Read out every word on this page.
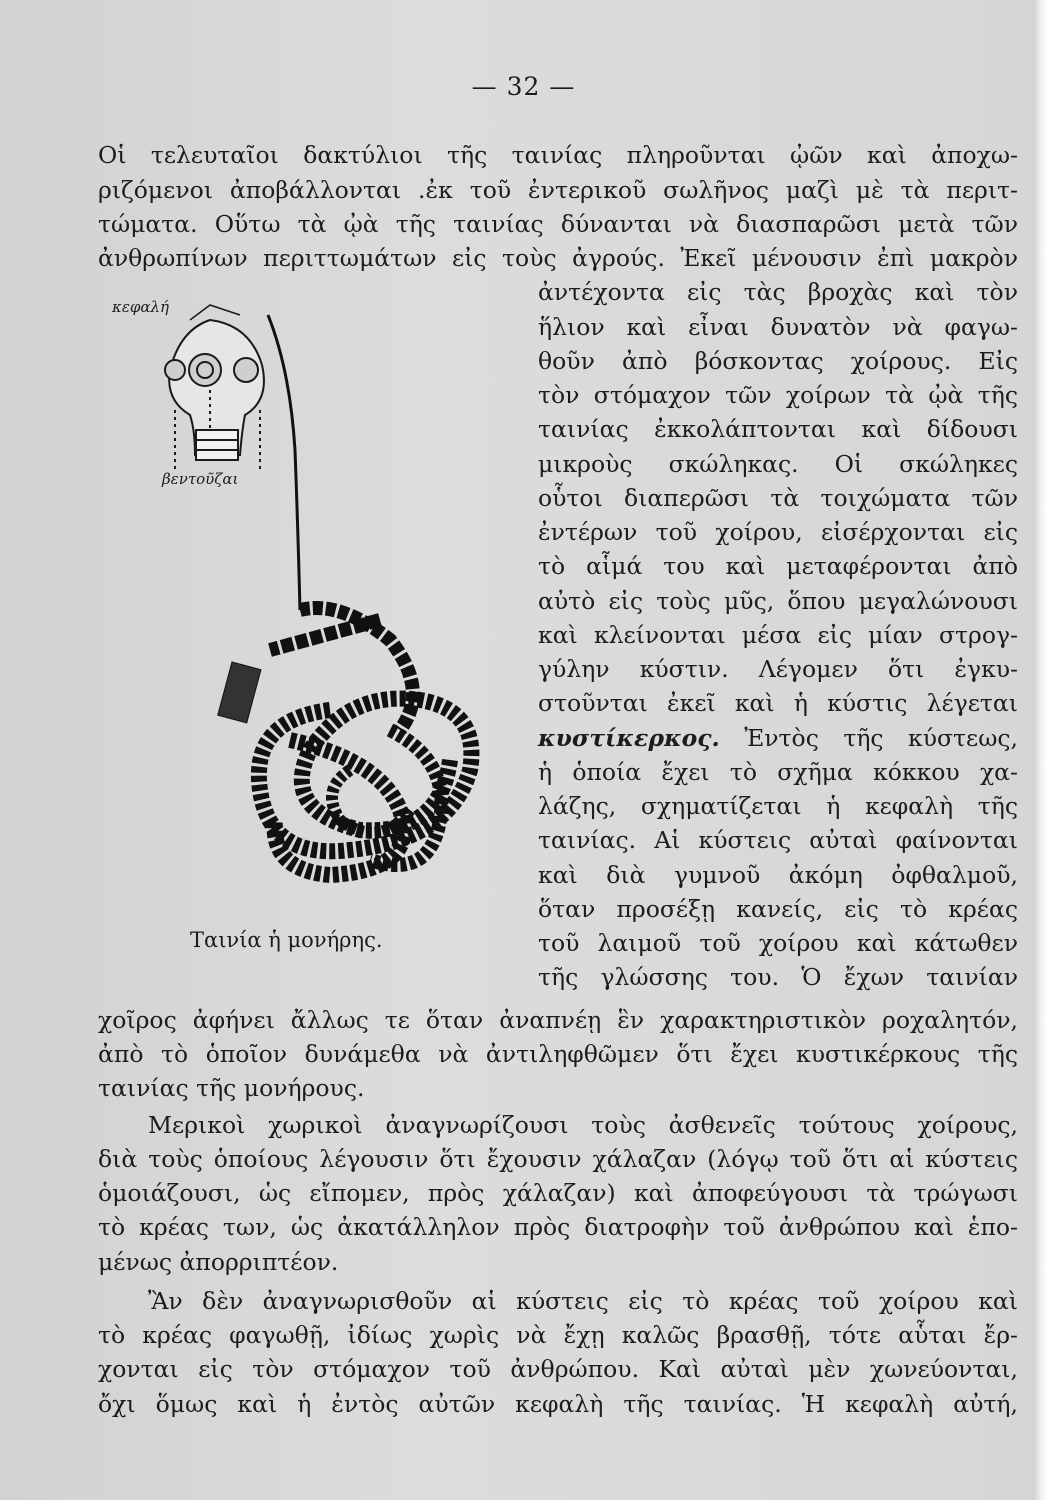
— 32 —
Οἱ τελευταῖοι δακτύλιοι τῆς ταινίας πληροῦνται ᾠῶν καὶ ἀποχω-
ριζόμενοι ἀποβάλλονται .ἐκ τοῦ ἐντερικοῦ σωλῆνος μαζὶ μὲ τὰ περιτ-
τώματα. Οὕτω τὰ ᾠὰ τῆς ταινίας δύνανται νὰ διασπαρῶσι μετὰ τῶν
ἀνθρωπίνων περιττωμάτων εἰς τοὺς ἀγρούς. Ἐκεῖ μένουσιν ἐπὶ μακρὸν
ἀντέχοντα εἰς τὰς βροχὰς καὶ τὸν
ἥλιον καὶ εἶναι δυνατὸν νὰ φαγω-
θοῦν ἀπὸ βόσκοντας χοίρους. Εἰς
τὸν στόμαχον τῶν χοίρων τὰ ᾠὰ τῆς
ταινίας ἐκκολάπτονται καὶ δίδουσι
μικροὺς σκώληκας. Οἱ σκώληκες
οὗτοι διαπερῶσι τὰ τοιχώματα τῶν
ἐντέρων τοῦ χοίρου, εἰσέρχονται εἰς
τὸ αἷμά του καὶ μεταφέρονται ἀπὸ
αὐτὸ εἰς τοὺς μῦς, ὅπου μεγαλώνουσι
καὶ κλείνονται μέσα εἰς μίαν στρογ-
γύλην κύστιν. Λέγομεν ὅτι ἐγκυ-
στοῦνται ἐκεῖ καὶ ἡ κύστις λέγεται
κυστίκερκος. Ἐντὸς τῆς κύστεως,
ἡ ὁποία ἔχει τὸ σχῆμα κόκκου χα-
λάζης, σχηματίζεται ἡ κεφαλὴ τῆς
ταινίας. Αἱ κύστεις αὐταὶ φαίνονται
καὶ διὰ γυμνοῦ ἀκόμη ὀφθαλμοῦ,
ὅταν προσέξῃ κανείς, εἰς τὸ κρέας
τοῦ λαιμοῦ τοῦ χοίρου καὶ κάτωθεν
τῆς γλώσσης του. Ὁ ἔχων ταινίαν
χοῖρος ἀφήνει ἄλλως τε ὅταν ἀναπνέῃ ἓν χαρακτηριστικὸν ροχαλητόν,
ἀπὸ τὸ ὁποῖον δυνάμεθα νὰ ἀντιληφθῶμεν ὅτι ἔχει κυστικέρκους τῆς
ταινίας τῆς μονήρους.
Μερικοὶ χωρικοὶ ἀναγνωρίζουσι τοὺς ἀσθενεῖς τούτους χοίρους,
διὰ τοὺς ὁποίους λέγουσιν ὅτι ἔχουσιν χάλαζαν (λόγῳ τοῦ ὅτι αἱ κύστεις
ὁμοιάζουσι, ὡς εἴπομεν, πρὸς χάλαζαν) καὶ ἀποφεύγουσι τὰ τρώγωσι
τὸ κρέας των, ὡς ἀκατάλληλον πρὸς διατροφὴν τοῦ ἀνθρώπου καὶ ἑπο-
μένως ἀπορριπτέον.
Ἂν δὲν ἀναγνωρισθοῦν αἱ κύστεις εἰς τὸ κρέας τοῦ χοίρου καὶ
τὸ κρέας φαγωθῇ, ἰδίως χωρὶς νὰ ἔχῃ καλῶς βρασθῇ, τότε αὗται ἔρ-
χονται εἰς τὸν στόμαχον τοῦ ἀνθρώπου. Καὶ αὐταὶ μὲν χωνεύονται,
ὄχι ὅμως καὶ ἡ ἐντὸς αὐτῶν κεφαλὴ τῆς ταινίας. Ἡ κεφαλὴ αὐτή,
κεφαλή
βεντοῦζαι
Ταινία ἡ μονήρης.
